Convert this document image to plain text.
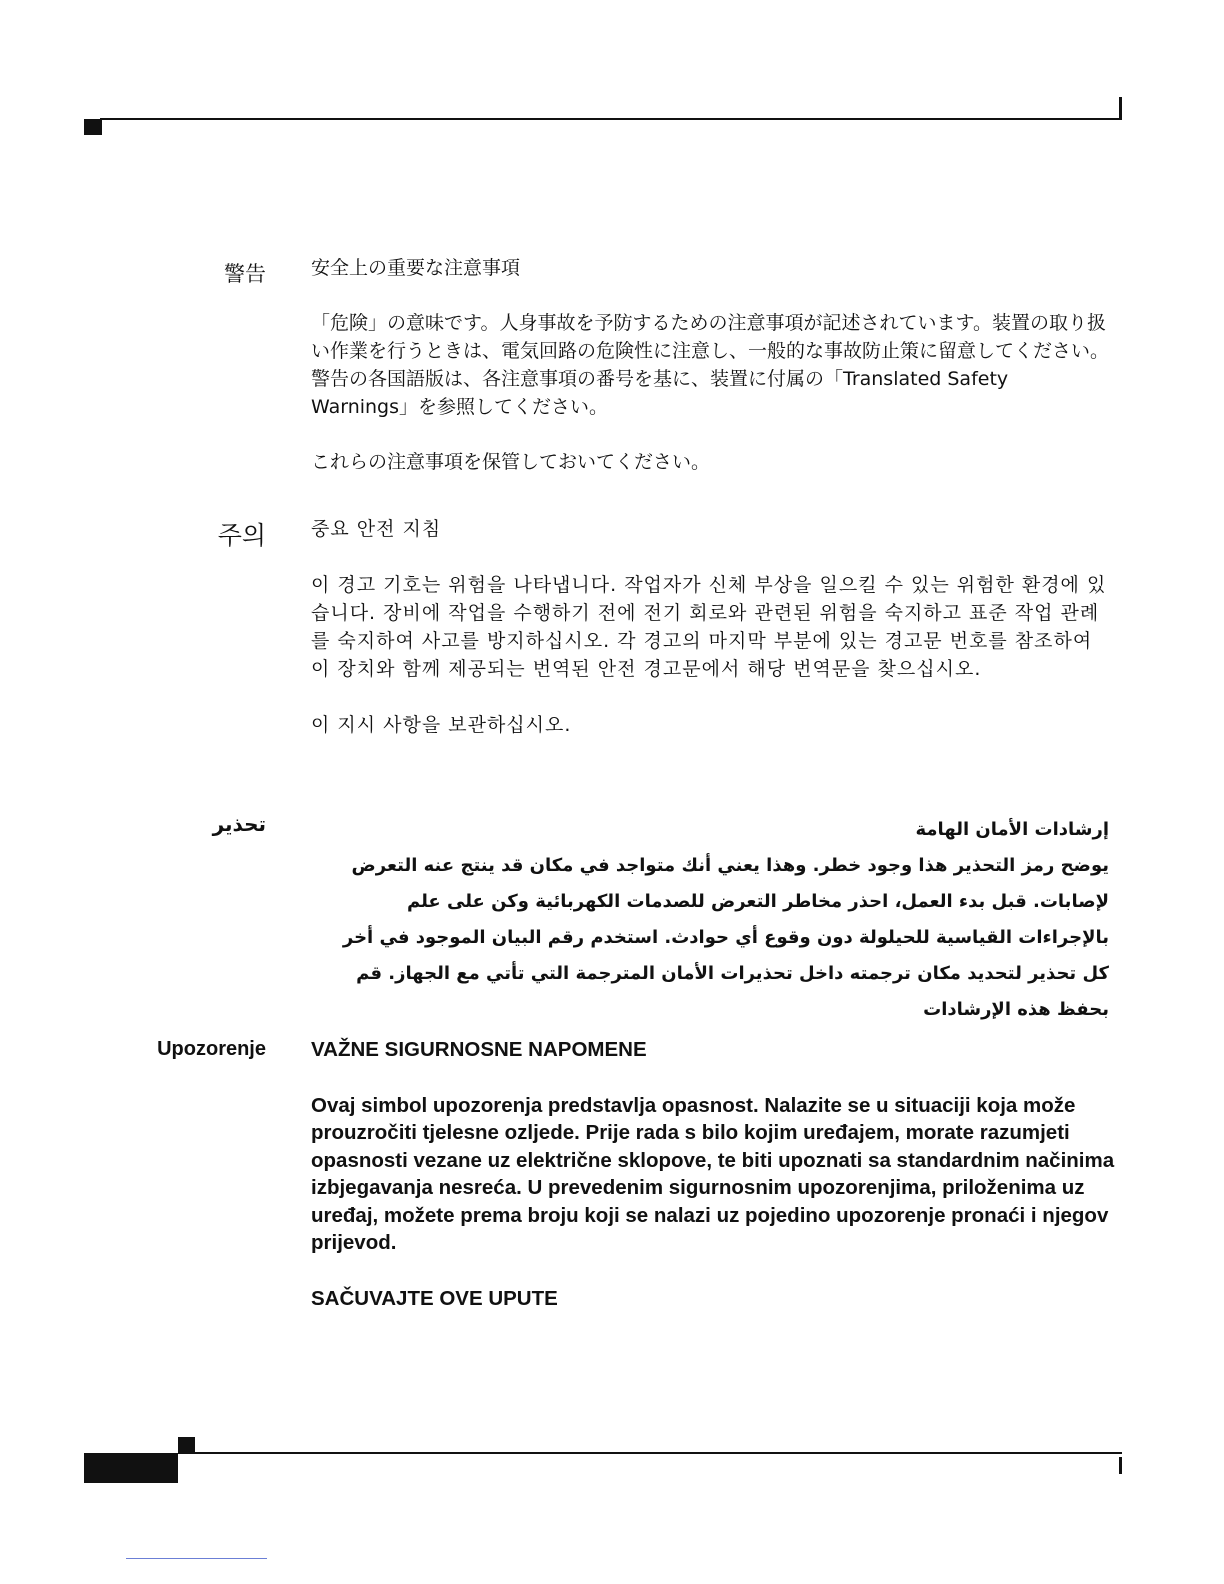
警告 安全上の重要な注意事項

「危険」の意味です。人身事故を予防するための注意事項が記述されています。装置の取り扱い作業を行うときは、電気回路の危険性に注意し、一般的な事故防止策に留意してください。警告の各国語版は、各注意事項の番号を基に、装置に付属の「Translated Safety Warnings」を参照してください。

これらの注意事項を保管しておいてください。

주의 중요 안전 지침

이 경고 기호는 위험을 나타냅니다. 작업자가 신체 부상을 일으킬 수 있는 위험한 환경에 있습니다. 장비에 작업을 수행하기 전에 전기 회로와 관련된 위험을 숙지하고 표준 작업 관례를 숙지하여 사고를 방지하십시오. 각 경고의 마지막 부분에 있는 경고문 번호를 참조하여 이 장치와 함께 제공되는 번역된 안전 경고문에서 해당 번역문을 찾으십시오.

이 지시 사항을 보관하십시오.

تحذير	إرشادات الأمان الهامة

يوضح رمز التحذير هذا وجود خطر. وهذا يعني أنك متواجد في مكان قد ينتج عنه التعرض لإصابات. قبل بدء العمل، احذر مخاطر التعرض للصدمات الكهربائية وكن على علم بالإجراءات القياسية للحيلولة دون وقوع أي حوادث. استخدم رقم البيان الموجود في أخر كل تحذير لتحديد مكان ترجمته داخل تحذيرات الأمان المترجمة التي تأتي مع الجهاز. قم بحفظ هذه الإرشادات

Upozorenje VAŽNE SIGURNOSNE NAPOMENE

Ovaj simbol upozorenja predstavlja opasnost. Nalazite se u situaciji koja može prouzročiti tjelesne ozljede. Prije rada s bilo kojim uređajem, morate razumjeti opasnosti vezane uz električne sklopove, te biti upoznati sa standardnim načinima izbjegavanja nesreća. U prevedenim sigurnosnim upozorenjima, priloženima uz uređaj, možete prema broju koji se nalazi uz pojedino upozorenje pronaći i njegov prijevod.

SAČUVAJTE OVE UPUTE
